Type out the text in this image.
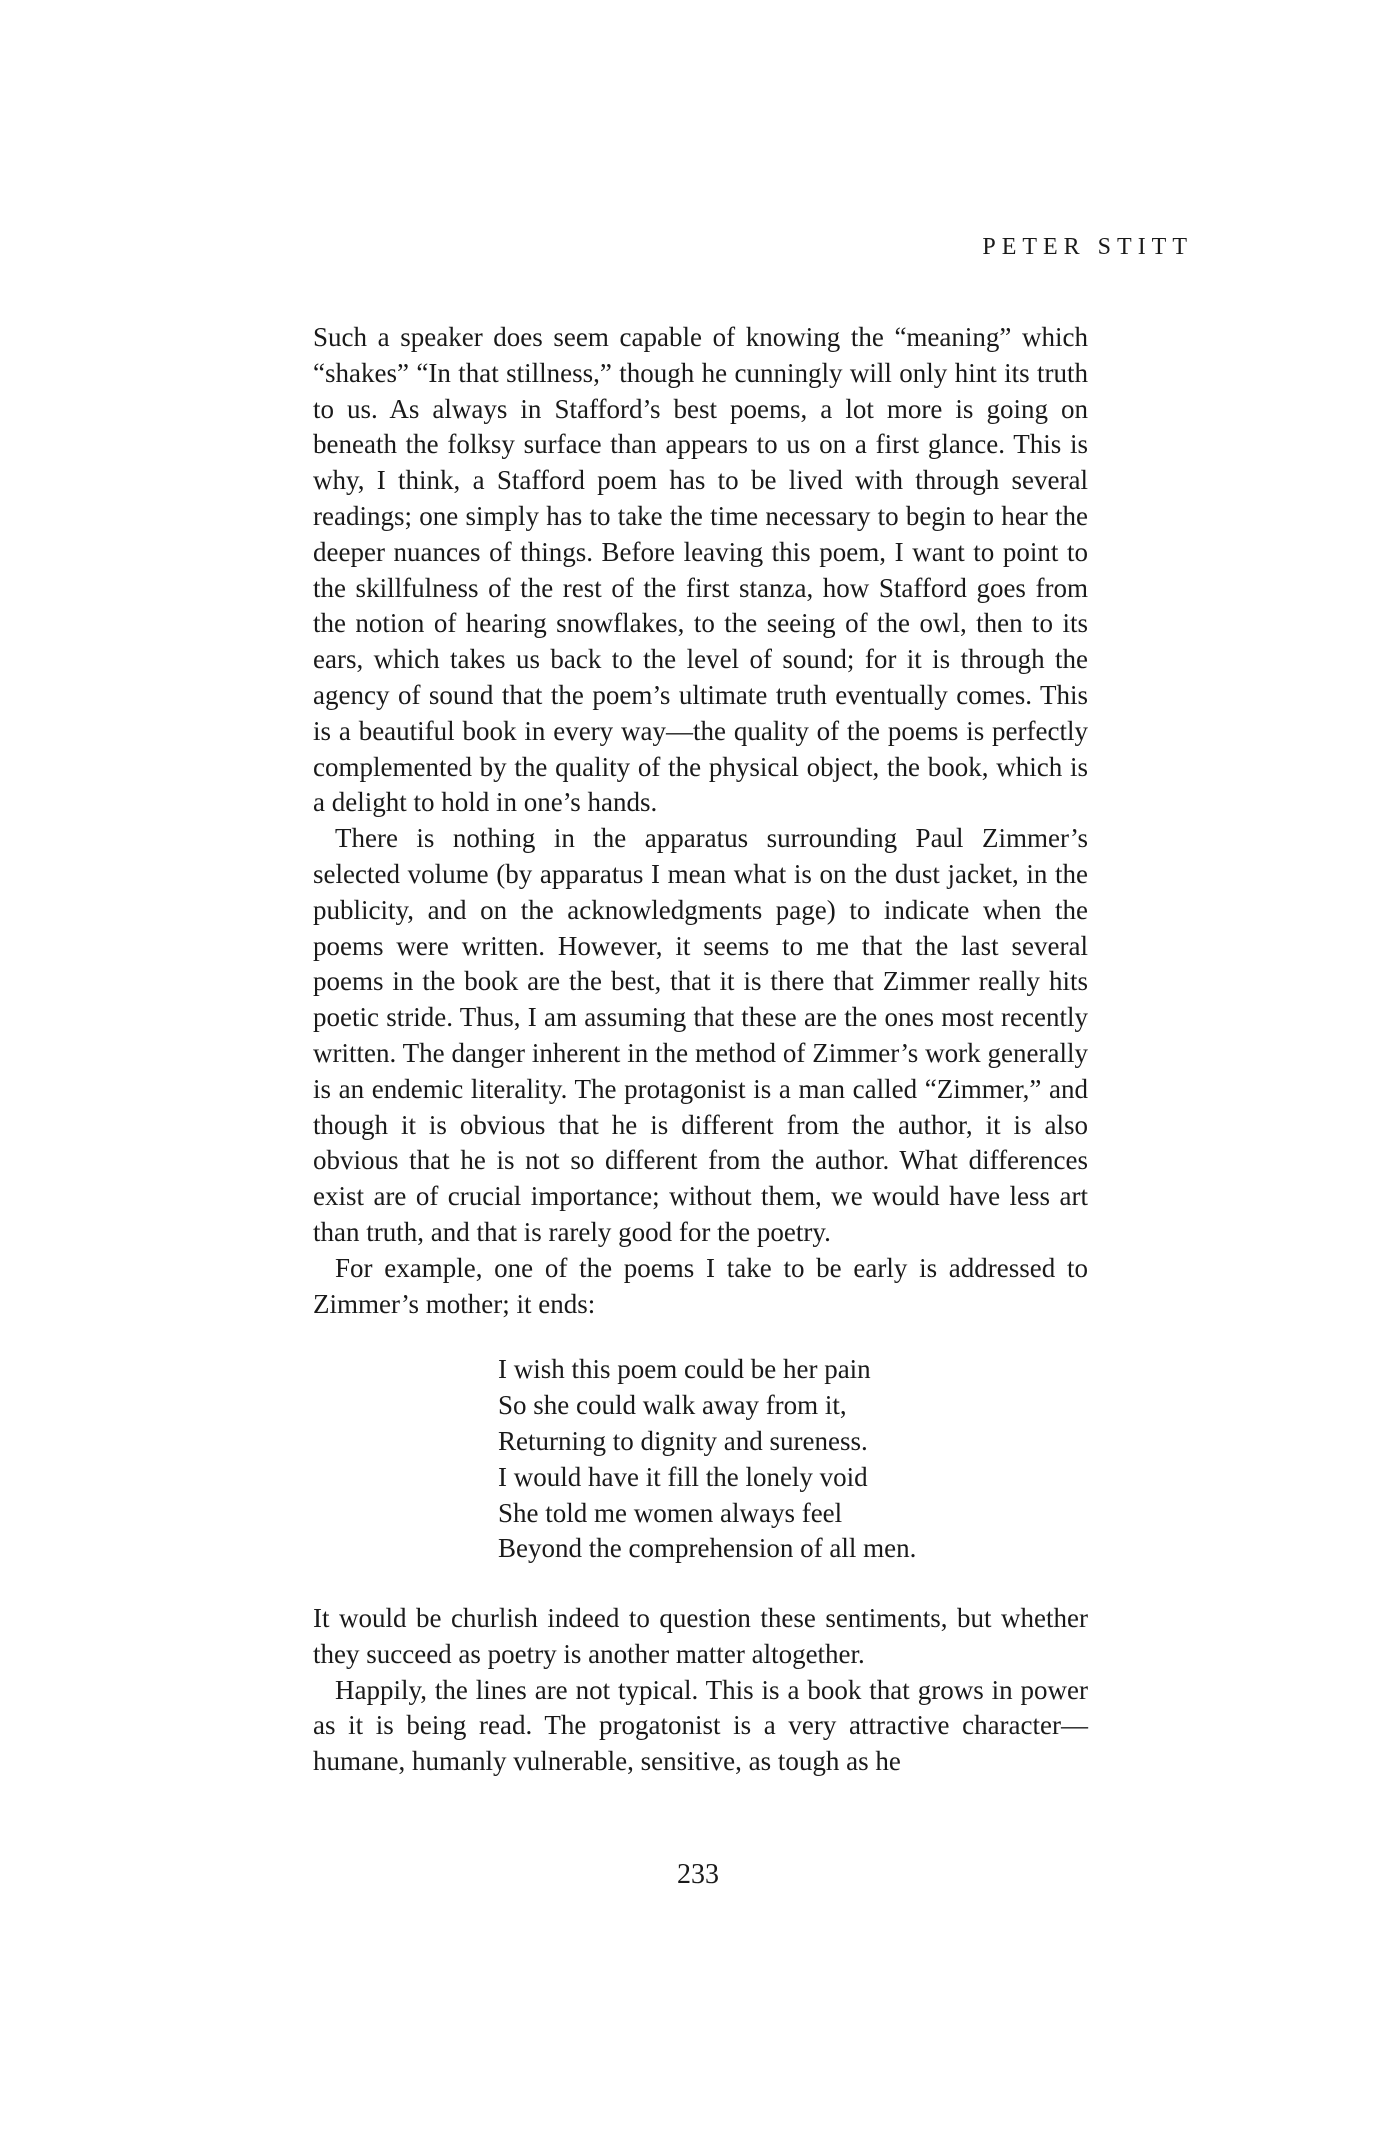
PETER STITT

Such a speaker does seem capable of knowing the “meaning” which “shakes” “In that stillness,” though he cunningly will only hint its truth to us. As always in Stafford’s best poems, a lot more is going on beneath the folksy surface than appears to us on a first glance. This is why, I think, a Stafford poem has to be lived with through several readings; one simply has to take the time necessary to begin to hear the deeper nuances of things. Before leaving this poem, I want to point to the skillfulness of the rest of the first stanza, how Stafford goes from the notion of hearing snowflakes, to the seeing of the owl, then to its ears, which takes us back to the level of sound; for it is through the agency of sound that the poem’s ultimate truth eventually comes. This is a beautiful book in every way—the quality of the poems is perfectly complemented by the quality of the physical object, the book, which is a delight to hold in one’s hands.

There is nothing in the apparatus surrounding Paul Zimmer’s selected volume (by apparatus I mean what is on the dust jacket, in the publicity, and on the acknowledgments page) to indicate when the poems were written. However, it seems to me that the last several poems in the book are the best, that it is there that Zimmer really hits poetic stride. Thus, I am assuming that these are the ones most recently written. The danger inherent in the method of Zimmer’s work generally is an endemic literality. The protagonist is a man called “Zimmer,” and though it is obvious that he is different from the author, it is also obvious that he is not so different from the author. What differences exist are of crucial importance; without them, we would have less art than truth, and that is rarely good for the poetry.

For example, one of the poems I take to be early is addressed to Zimmer’s mother; it ends:

I wish this poem could be her pain
So she could walk away from it,
Returning to dignity and sureness.
I would have it fill the lonely void
She told me women always feel
Beyond the comprehension of all men.

It would be churlish indeed to question these sentiments, but whether they succeed as poetry is another matter altogether.

Happily, the lines are not typical. This is a book that grows in power as it is being read. The progatonist is a very attractive character—humane, humanly vulnerable, sensitive, as tough as he

233
